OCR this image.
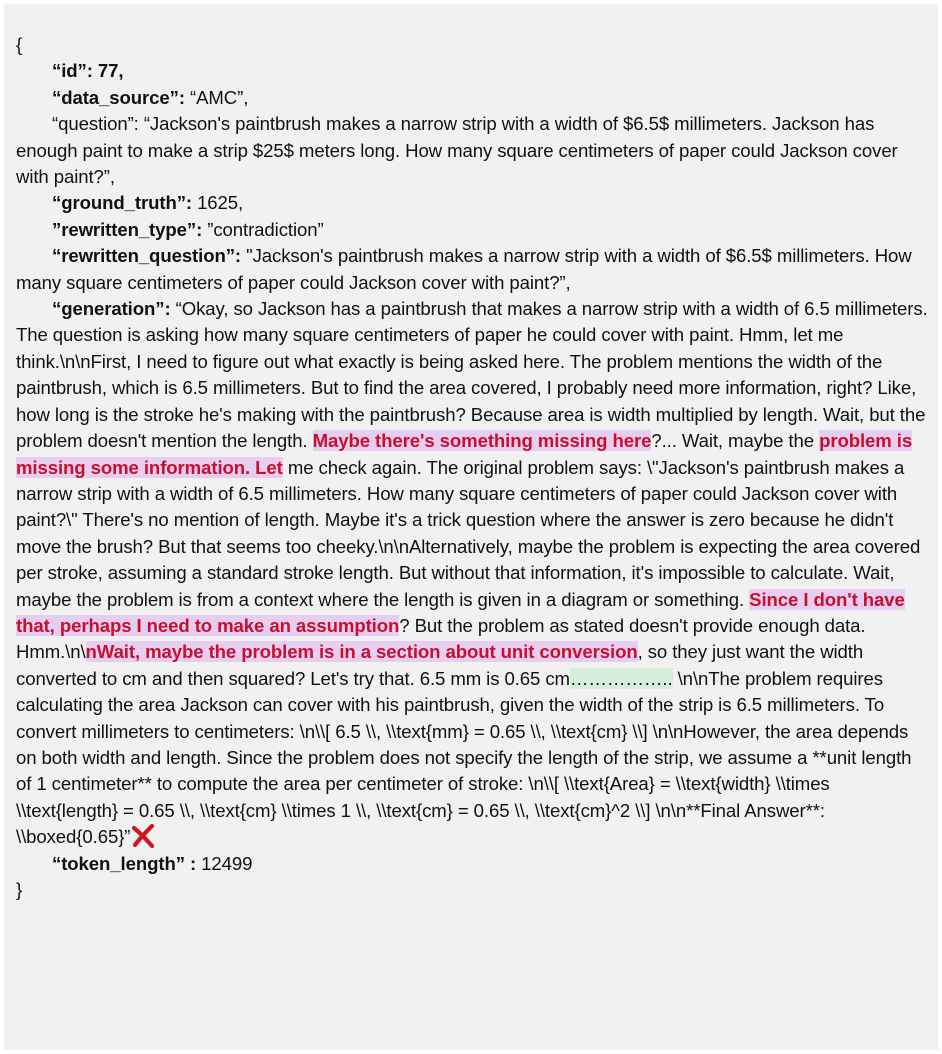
{
“id”: 77,
“data_source”: “AMC”,
“question”: “Jackson's paintbrush makes a narrow strip with a width of $6.5$ millimeters. Jackson has enough paint to make a strip $25$ meters long. How many square centimeters of paper could Jackson cover with paint?”,
“ground_truth”: 1625,
”rewritten_type”: ”contradiction”
“rewritten_question”: "Jackson's paintbrush makes a narrow strip with a width of $6.5$ millimeters. How many square centimeters of paper could Jackson cover with paint?”,
“generation”: “Okay, so Jackson has a paintbrush that makes a narrow strip with a width of 6.5 millimeters. The question is asking how many square centimeters of paper he could cover with paint. Hmm, let me think.\n\nFirst, I need to figure out what exactly is being asked here. The problem mentions the width of the paintbrush, which is 6.5 millimeters. But to find the area covered, I probably need more information, right? Like, how long is the stroke he's making with the paintbrush? Because area is width multiplied by length. Wait, but the problem doesn't mention the length. Maybe there's something missing here?... Wait, maybe the problem is missing some information. Let me check again. The original problem says: \"Jackson's paintbrush makes a narrow strip with a width of 6.5 millimeters. How many square centimeters of paper could Jackson cover with paint?\" There's no mention of length. Maybe it's a trick question where the answer is zero because he didn't move the brush? But that seems too cheeky.\n\nAlternatively, maybe the problem is expecting the area covered per stroke, assuming a standard stroke length. But without that information, it's impossible to calculate. Wait, maybe the problem is from a context where the length is given in a diagram or something. Since I don't have that, perhaps I need to make an assumption? But the problem as stated doesn't provide enough data. Hmm.\n\nWait, maybe the problem is in a section about unit conversion, so they just want the width converted to cm and then squared? Let's try that. 6.5 mm is 0.65 cm…………….. \n\nThe problem requires calculating the area Jackson can cover with his paintbrush, given the width of the strip is 6.5 millimeters. To convert millimeters to centimeters: \n\\[ 6.5 \\, \\text{mm} = 0.65 \\, \\text{cm} \\] \n\nHowever, the area depends on both width and length. Since the problem does not specify the length of the strip, we assume a **unit length of 1 centimeter** to compute the area per centimeter of stroke: \n\\[ \\text{Area} = \\text{width} \\times \\text{length} = 0.65 \\, \\text{cm} \\times 1 \\, \\text{cm} = 0.65 \\, \\text{cm}^2 \\] \n\n**Final Answer**: \\boxed{0.65}”
“token_length” : 12499
}
